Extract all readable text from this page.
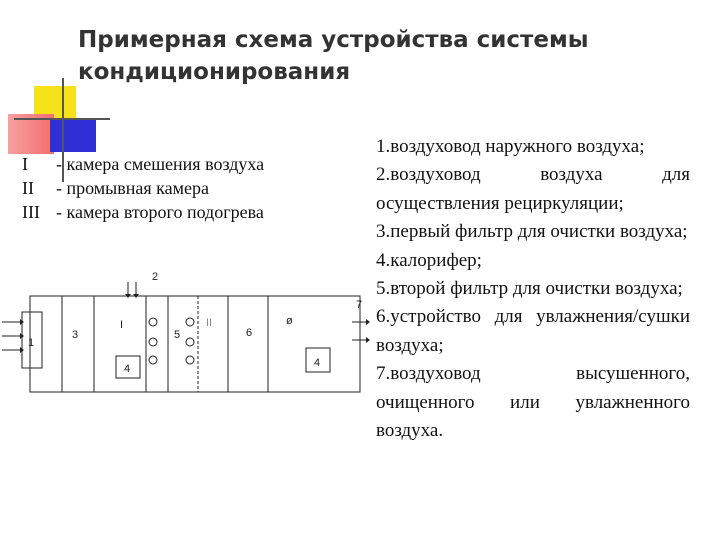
Примерная схема устройства системы
кондиционирования
I	- камера смешения воздуха
II	- промывная камера
III - камера второго подогрева
1
2
3
I
5
II
6
ø
4	4
7

1.воздуховод наружного воздуха;

2.воздуховод воздуха для осуществления рециркуляции;

3.первый фильтр для очистки воздуха;

4.калорифер;

5.второй фильтр для очистки воздуха;

6.устройство для увлажнения/сушки воздуха;

7.воздуховод высушенного, очищенного или увлажненного воздуха.
